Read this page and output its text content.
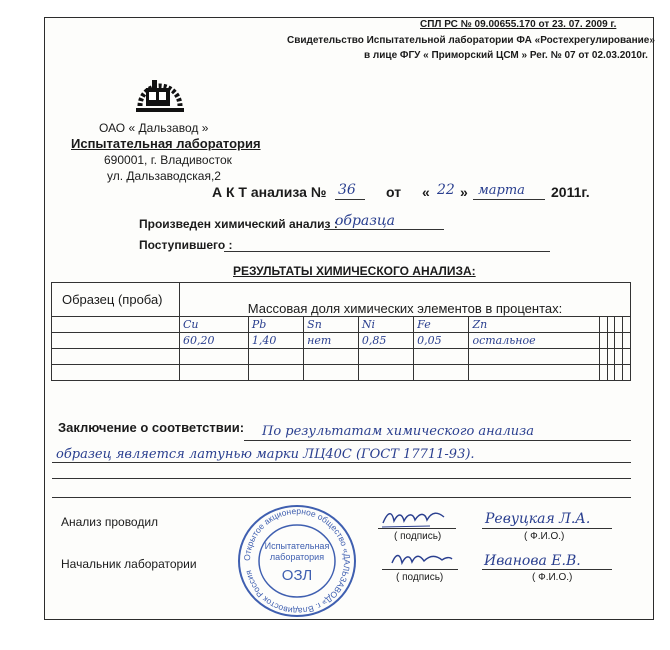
СПЛ РС № 09.00655.170 от 23. 07. 2009 г.
Свидетельство Испытательной лаборатории ФА «Ростехрегулирование»
в лице ФГУ « Приморский ЦСМ » Рег. № 07 от 02.03.2010г.
ОАО « Дальзавод »
Испытательная лаборатория
690001, г. Владивосток
ул. Дальзаводская,2
А К Т анализа № 36 от « 22 » марта 2011г.
Произведен химический анализ :
образца
Поступившего :
РЕЗУЛЬТАТЫ ХИМИЧЕСКОГО АНАЛИЗА:
Образец (проба)	Массовая доля химических элементов в процентах:									
	Cu	Pb	Sn	Ni	Fe	Zn				
	60,20	1,40	нет	0,85	0,05	остальное				

Заключение о соответствии: По результатам химического анализа
образец является латунью марки ЛЦ40С (ГОСТ 17711-93).
Анализ проводил	Ревуцкая Л.А.
( подпись)	( Ф.И.О.)
Начальник лаборатории	Иванова Е.В.
( подпись)	( Ф.И.О.)
Открытое акционерное общество «ДАЛЬЗАВОД» г. Владивосток Россия
Испытательная
лаборатория
ОЗЛ
